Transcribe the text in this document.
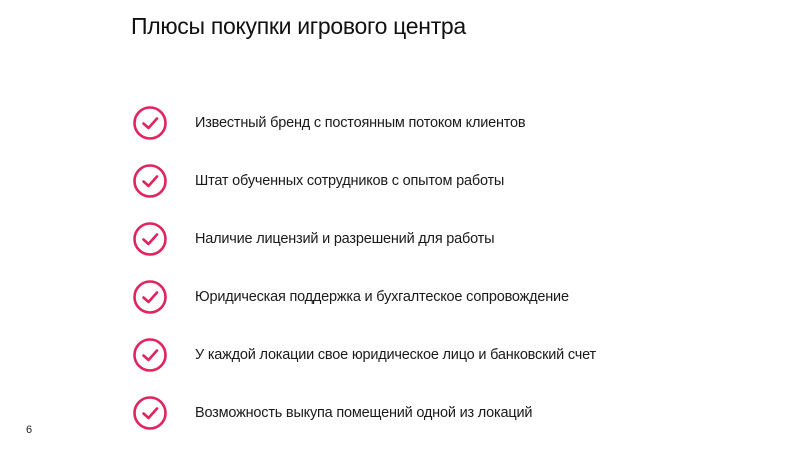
Плюсы покупки игрового центра
Известный бренд с постоянным потоком клиентов
Штат обученных сотрудников с опытом работы
Наличие лицензий и разрешений для работы
Юридическая поддержка и бухгалтеское сопровождение
У каждой локации свое юридическое лицо и банковский счет
Возможность выкупа помещений одной из локаций
6
